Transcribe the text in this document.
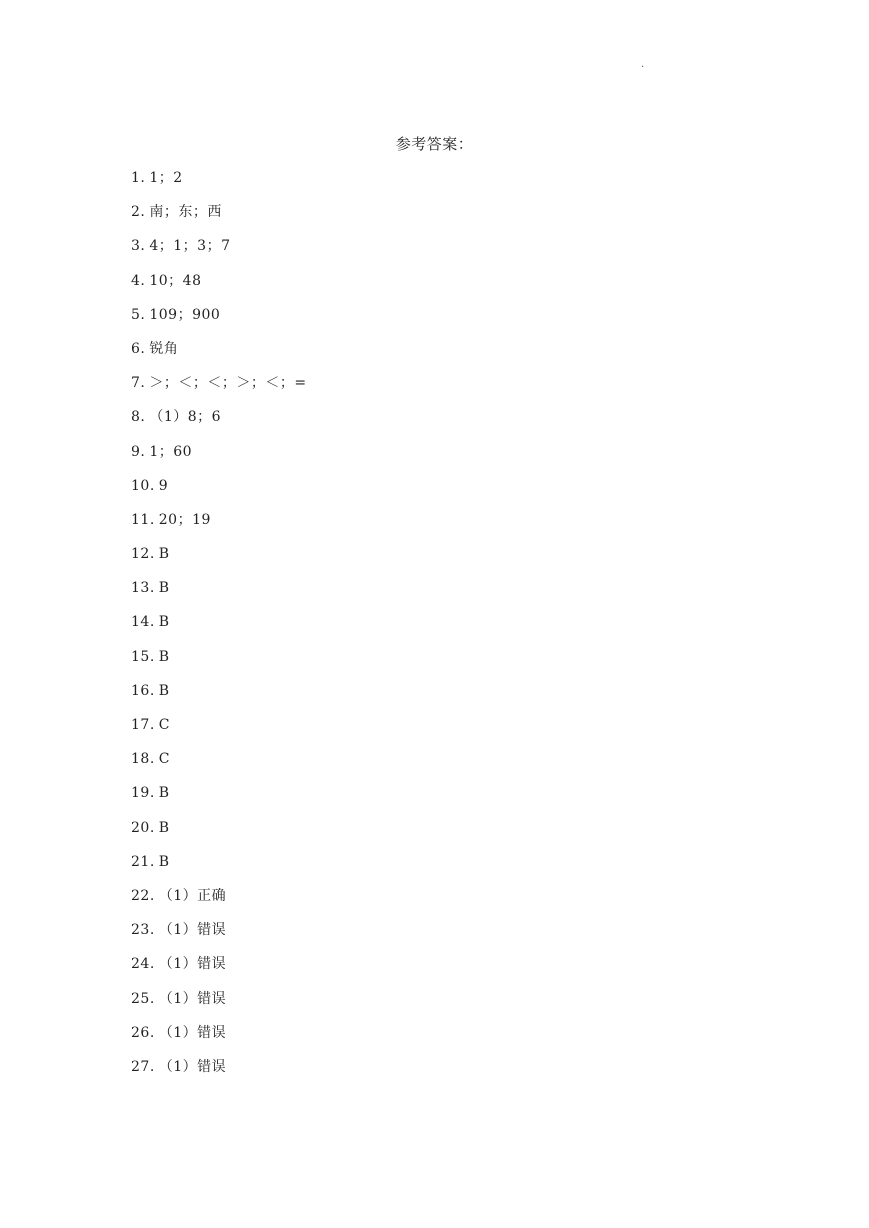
·
参考答案：
1. 1；2
2. 南；东；西
3. 4；1；3；7
4. 10；48
5. 109；900
6. 锐角
7. ＞；＜；＜；＞；＜；=
8. （1）8；6
9. 1；60
10. 9
11. 20；19
12. B
13. B
14. B
15. B
16. B
17. C
18. C
19. B
20. B
21. B
22. （1）正确
23. （1）错误
24. （1）错误
25. （1）错误
26. （1）错误
27. （1）错误
